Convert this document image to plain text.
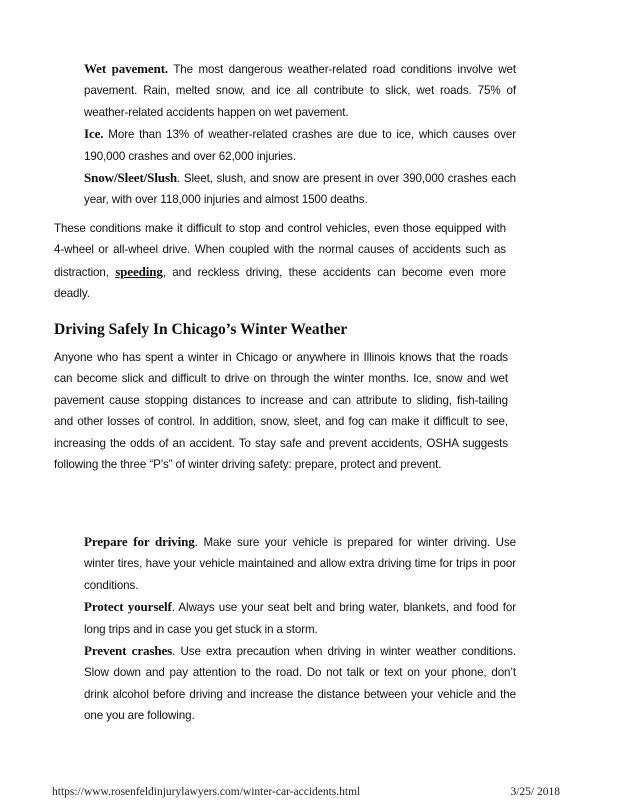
Wet pavement. The most dangerous weather-related road conditions involve wet pavement. Rain, melted snow, and ice all contribute to slick, wet roads. 75% of weather-related accidents happen on wet pavement.

Ice. More than 13% of weather-related crashes are due to ice, which causes over 190,000 crashes and over 62,000 injuries.

Snow/Sleet/Slush. Sleet, slush, and snow are present in over 390,000 crashes each year, with over 118,000 injuries and almost 1500 deaths.

These conditions make it difficult to stop and control vehicles, even those equipped with 4-wheel or all-wheel drive. When coupled with the normal causes of accidents such as distraction, speeding, and reckless driving, these accidents can become even more deadly.

Driving Safely In Chicago’s Winter Weather

Anyone who has spent a winter in Chicago or anywhere in Illinois knows that the roads can become slick and difficult to drive on through the winter months. Ice, snow and wet pavement cause stopping distances to increase and can attribute to sliding, fish-tailing and other losses of control. In addition, snow, sleet, and fog can make it difficult to see, increasing the odds of an accident. To stay safe and prevent accidents, OSHA suggests following the three “P’s” of winter driving safety: prepare, protect and prevent.

Prepare for driving. Make sure your vehicle is prepared for winter driving. Use winter tires, have your vehicle maintained and allow extra driving time for trips in poor conditions.

Protect yourself. Always use your seat belt and bring water, blankets, and food for long trips and in case you get stuck in a storm.

Prevent crashes. Use extra precaution when driving in winter weather conditions. Slow down and pay attention to the road. Do not talk or text on your phone, don’t drink alcohol before driving and increase the distance between your vehicle and the one you are following.

https://www.rosenfeldinjurylawyers.com/winter-car-accidents.html	3/25/ 2018
